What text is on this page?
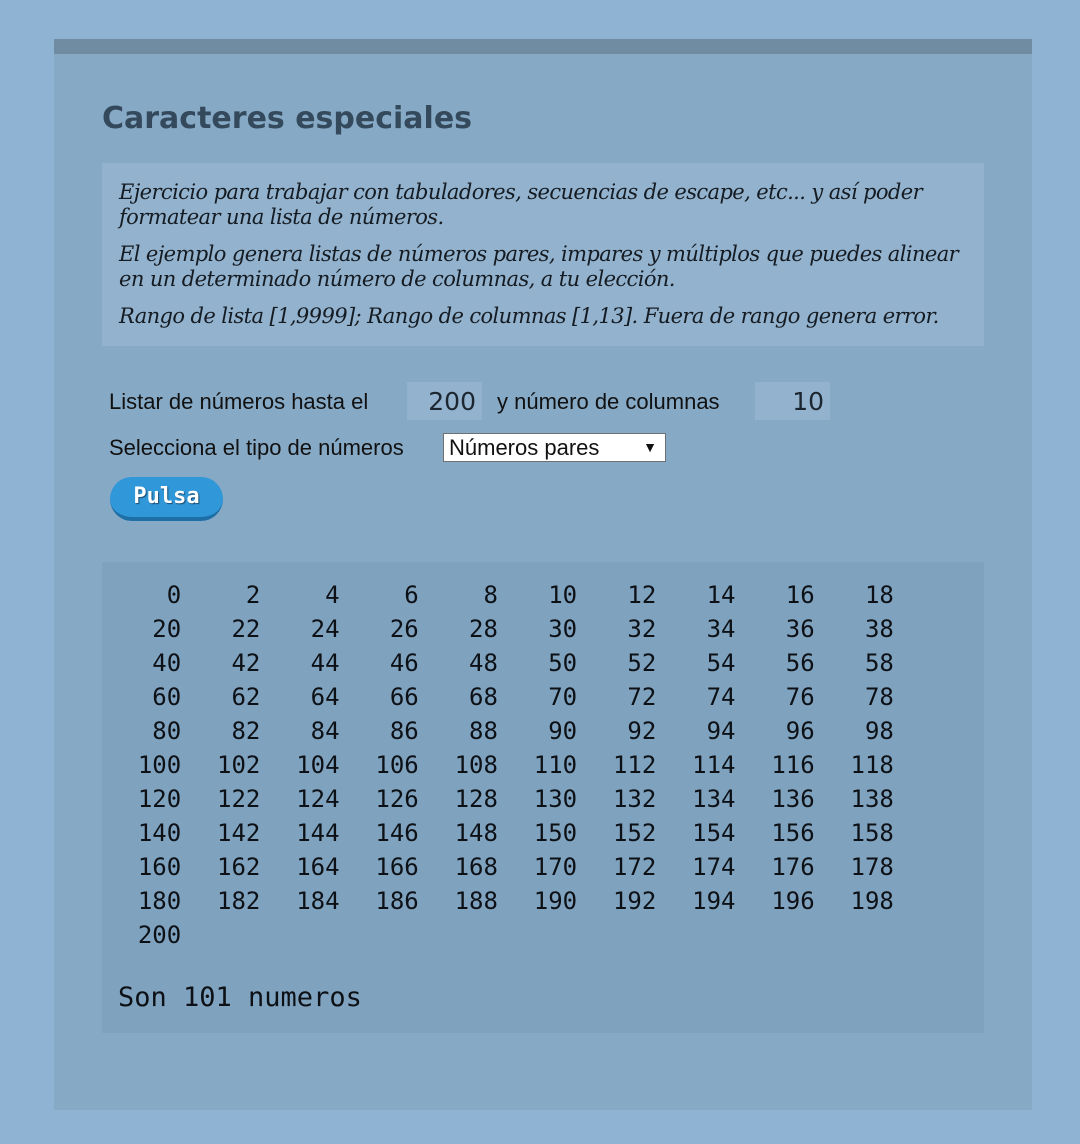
Caracteres especiales

Ejercicio para trabajar con tabuladores, secuencias de escape, etc... y así poder formatear una lista de números.

El ejemplo genera listas de números pares, impares y múltiplos que puedes alinear en un determinado número de columnas, a tu elección.

Rango de lista [1,9999]; Rango de columnas [1,13]. Fuera de rango genera error.

Listar de números hasta el
200	y número de columnas
10
Selecciona el tipo de números Números pares	▼
Pulsa
0	2	4	6	8	10	12	14	16	18
20	22	24	26	28	30	32	34	36	38
40	42	44	46	48	50	52	54	56	58
60	62	64	66	68	70	72	74	76	78
80	82	84	86	88	90	92	94	96	98
100	102	104	106	108	110	112	114	116	118
120	122	124	126	128	130	132	134	136	138
140	142	144	146	148	150	152	154	156	158
160	162	164	166	168	170	172	174	176	178
180	182	184	186	188	190	192	194	196	198
200
Son 101 numeros
